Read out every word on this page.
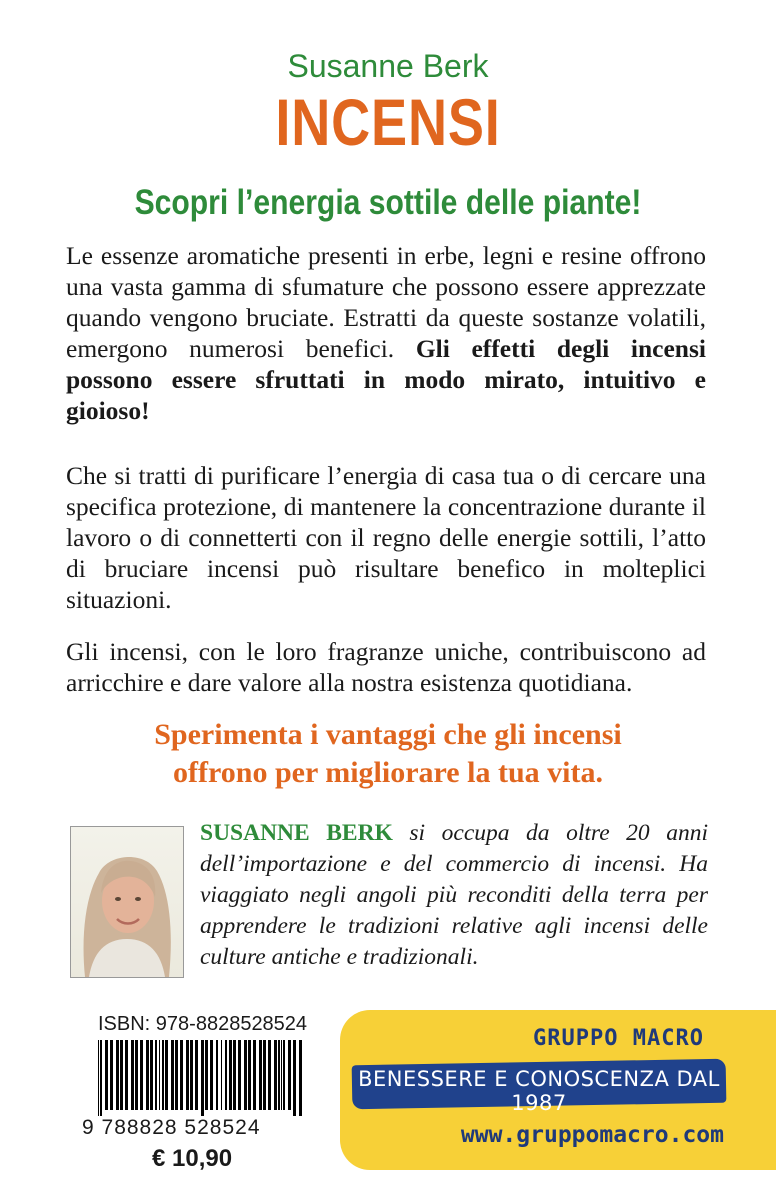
Susanne Berk
INCENSI
Scopri l’energia sottile delle piante!
Le essenze aromatiche presenti in erbe, legni e resine offrono una vasta gamma di sfumature che possono essere apprezzate quando vengono bruciate. Estratti da queste sostanze volatili, emergono numerosi benefici. Gli effetti degli incensi possono essere sfruttati in modo mirato, intuitivo e gioioso!
Che si tratti di purificare l’energia di casa tua o di cercare una specifica protezione, di mantenere la concentrazione durante il lavoro o di connetterti con il regno delle energie sottili, l’atto di bruciare incensi può risultare benefico in molteplici situazioni.
Gli incensi, con le loro fragranze uniche, contribuiscono ad arricchire e dare valore alla nostra esistenza quotidiana.
Sperimenta i vantaggi che gli incensi
offrono per migliorare la tua vita.
SUSANNE BERK si occupa da oltre 20 anni dell’importazione e del commercio di incensi. Ha viaggiato negli angoli più reconditi della terra per apprendere le tradizioni relative agli incensi delle culture antiche e tradizionali.
ISBN: 978-8828528524
9 788828 528524
€ 10,90
GRUPPO MACRO
BENESSERE E CONOSCENZA DAL 1987
www.gruppomacro.com
